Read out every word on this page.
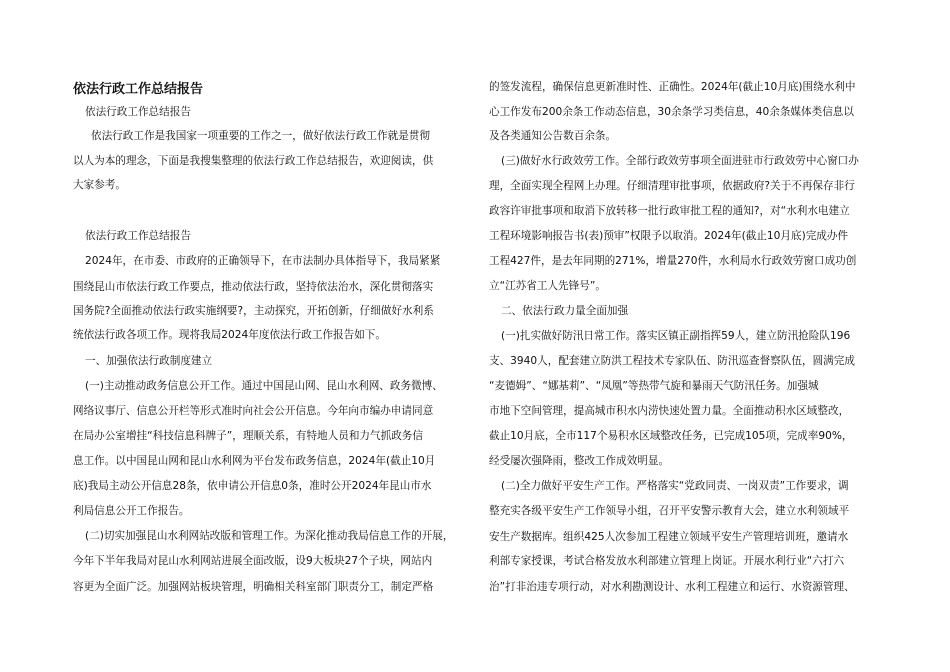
依法行政工作总结报告

依法行政工作总结报告

依法行政工作是我国家一项重要的工作之一，做好依法行政工作就是贯彻

以人为本的理念，下面是我搜集整理的依法行政工作总结报告，欢迎阅读，供

大家参考。

依法行政工作总结报告

2024年，在市委、市政府的正确领导下，在市法制办具体指导下，我局紧紧

围绕昆山市依法行政工作要点，推动依法行政，坚持依法治水，深化贯彻落实

国务院?全面推动依法行政实施纲要?，主动探究，开拓创新，仔细做好水利系

统依法行政各项工作。现将我局2024年度依法行政工作报告如下。

一、加强依法行政制度建立

(一)主动推动政务信息公开工作。通过中国昆山网、昆山水利网、政务微博、

网络议事厅、信息公开栏等形式准时向社会公开信息。今年向市编办申请同意

在局办公室增挂“科技信息科牌子”，理顺关系，有特地人员和力气抓政务信

息工作。以中国昆山网和昆山水利网为平台发布政务信息，2024年(截止10月

底)我局主动公开信息28条，依申请公开信息0条，准时公开2024年昆山市水

利局信息公开工作报告。

(二)切实加强昆山水利网站改版和管理工作。为深化推动我局信息工作的开展，

今年下半年我局对昆山水利网站进展全面改版，设9大板块27个子块，网站内

容更为全面广泛。加强网站板块管理，明确相关科室部门职责分工，制定严格

的签发流程，确保信息更新准时性、正确性。2024年(截止10月底)围绕水利中

心工作发布200余条工作动态信息，30余条学习类信息，40余条媒体类信息以

及各类通知公告数百余条。

(三)做好水行政效劳工作。全部行政效劳事项全面进驻市行政效劳中心窗口办

理，全面实现全程网上办理。仔细清理审批事项，依据政府?关于不再保存非行

政容许审批事项和取消下放转移一批行政审批工程的通知?，对“水利水电建立

工程环境影响报告书(表)预审”权限予以取消。2024年(截止10月底)完成办件

工程427件，是去年同期的271%，增量270件，水利局水行政效劳窗口成功创

立“江苏省工人先锋号”。

二、依法行政力量全面加强

(一)扎实做好防汛日常工作。落实区镇正副指挥59人，建立防汛抢险队196

支、3940人，配套建立防洪工程技术专家队伍、防汛巡查督察队伍，圆满完成

“麦德姆”、“娜基莉”、“凤凰”等热带气旋和暴雨天气防汛任务。加强城

市地下空间管理，提高城市积水内涝快速处置力量。全面推动积水区域整改，

截止10月底，全市117个易积水区域整改任务，已完成105项，完成率90%，

经受屡次强降雨，整改工作成效明显。

(二)全力做好平安生产工作。严格落实“党政同责、一岗双责”工作要求，调

整充实各级平安生产工作领导小组，召开平安警示教育大会，建立水利领域平

安生产数据库。组织425人次参加工程建立领域平安生产管理培训班，邀请水

利部专家授课，考试合格发放水利部建立管理上岗证。开展水利行业“六打六

治”打非治违专项行动，对水利勘测设计、水利工程建立和运行、水资源管理、
